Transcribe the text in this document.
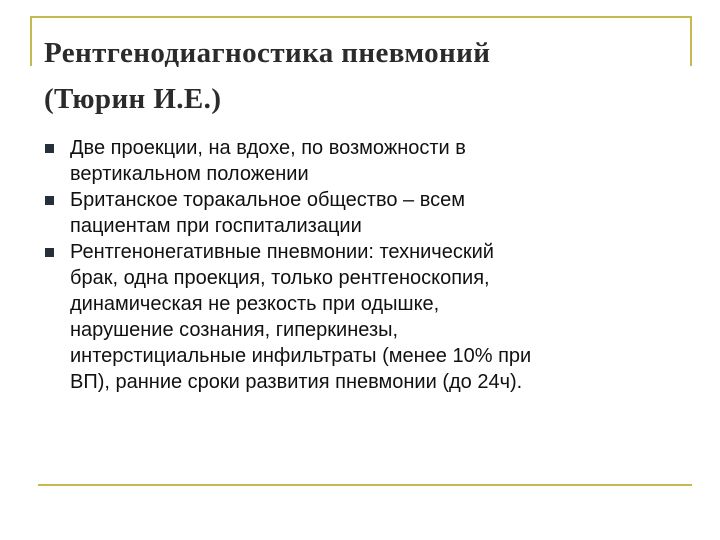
Рентгенодиагностика пневмоний
(Тюрин И.Е.)
Две проекции, на вдохе, по возможности в
вертикальном положении
Британское торакальное общество – всем
пациентам при госпитализации
Рентгенонегативные пневмонии: технический
брак, одна проекция, только рентгеноскопия,
динамическая не резкость при одышке,
нарушение сознания, гиперкинезы,
интерстициальные инфильтраты (менее 10% при
ВП), ранние сроки развития пневмонии (до 24ч).
